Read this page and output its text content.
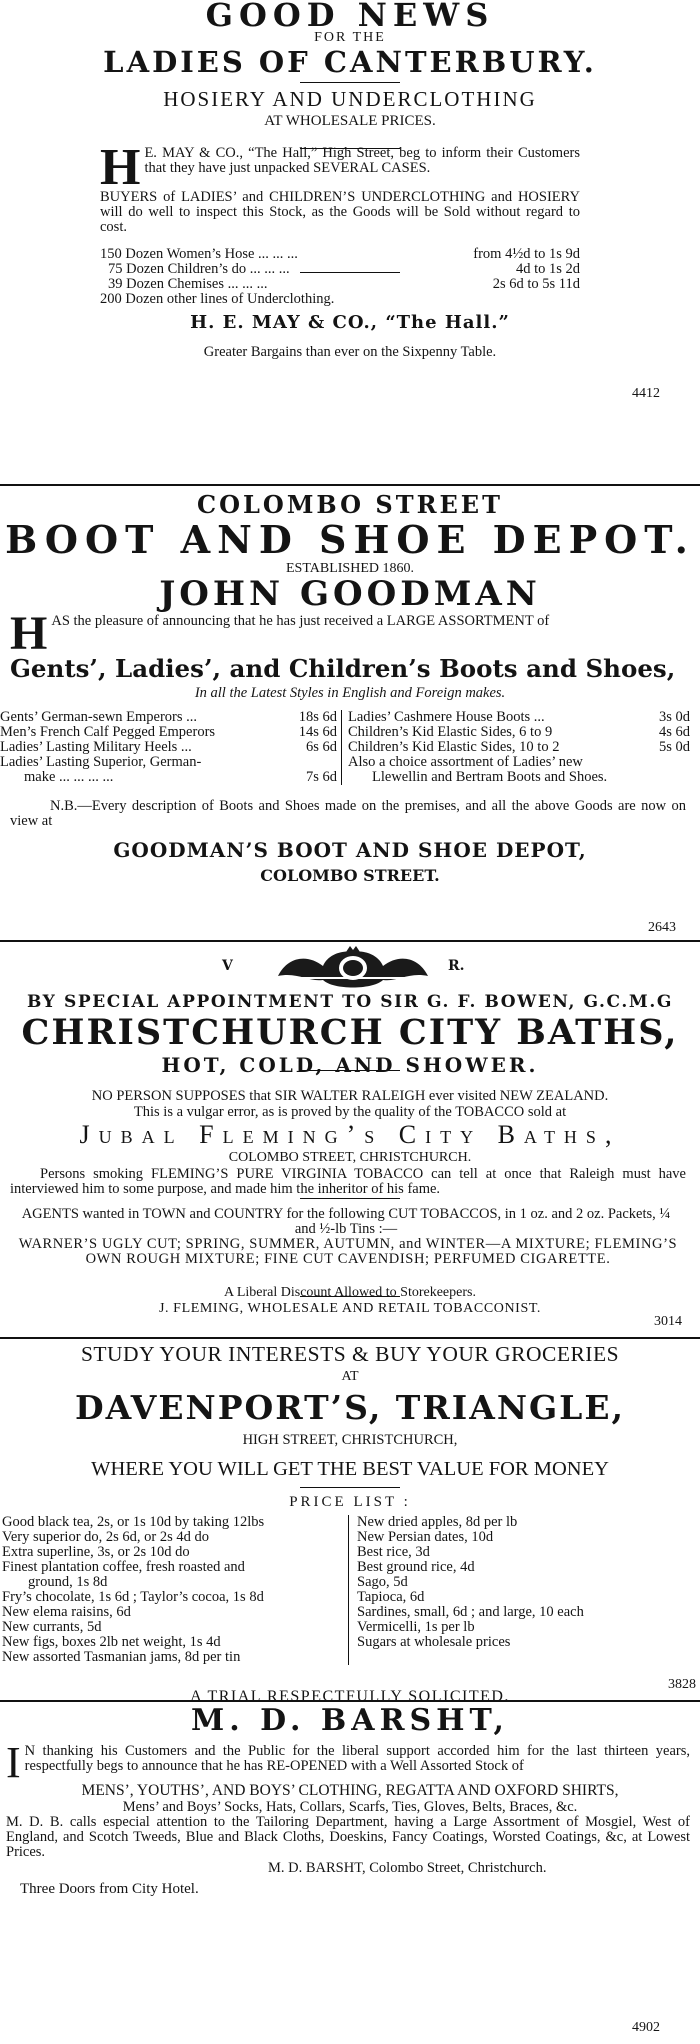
GOOD NEWS
FOR THE
LADIES OF CANTERBURY.
HOSIERY AND UNDERCLOTHING
AT WHOLESALE PRICES.
H E. MAY & CO., “The Hall,” High Street, beg to inform their Customers that they have just unpacked SEVERAL CASES.
BUYERS of LADIES’ and CHILDREN’S UNDERCLOTHING and HOSIERY will do well to inspect this Stock, as the Goods will be Sold without regard to cost.
150 Dozen Women’s Hose ... ... ...	from 4½d to 1s 9d
75 Dozen Children’s do ... ... ...	4d to 1s 2d
39 Dozen Chemises ... ... ...	2s 6d to 5s 11d
200 Dozen other lines of Underclothing.
H. E. MAY & CO., “The Hall.”
Greater Bargains than ever on the Sixpenny Table.
4412
COLOMBO STREET
BOOT AND SHOE DEPOT.
ESTABLISHED 1860.
JOHN GOODMAN
H AS the pleasure of announcing that he has just received a LARGE ASSORTMENT of
Gents’, Ladies’, and Children’s Boots and Shoes,
In all the Latest Styles in English and Foreign makes.
Gents’ German-sewn Emperors ...	18s 6d
Men’s French Calf Pegged Emperors	14s 6d
Ladies’ Lasting Military Heels ...	6s 6d
Ladies’ Lasting Superior, German-
make ... ... ... ...	7s 6d
Ladies’ Cashmere House Boots ...	3s 0d
Children’s Kid Elastic Sides, 6 to 9	4s 6d
Children’s Kid Elastic Sides, 10 to 2	5s 0d
Also a choice assortment of Ladies’ new
Llewellin and Bertram Boots and Shoes.
N.B.—Every description of Boots and Shoes made on the premises, and all the above Goods are now on view at
GOODMAN’S BOOT AND SHOE DEPOT,
COLOMBO STREET.
2643
V	R.
BY SPECIAL APPOINTMENT TO SIR G. F. BOWEN, G.C.M.G
CHRISTCHURCH CITY BATHS,
HOT, COLD, AND SHOWER.
NO PERSON SUPPOSES that SIR WALTER RALEIGH ever visited NEW ZEALAND.
This is a vulgar error, as is proved by the quality of the TOBACCO sold at
Jubal Fleming’s City Baths,
COLOMBO STREET, CHRISTCHURCH.
Persons smoking FLEMING’S PURE VIRGINIA TOBACCO can tell at once that Raleigh must have interviewed him to some purpose, and made him the inheritor of his fame.
AGENTS wanted in TOWN and COUNTRY for the following CUT TOBACCOS, in 1 oz. and 2 oz. Packets, ¼ and ½-lb Tins :—
WARNER’S UGLY CUT; SPRING, SUMMER, AUTUMN, and WINTER—A MIXTURE; FLEMING’S OWN ROUGH MIXTURE; FINE CUT CAVENDISH; PERFUMED CIGARETTE.
A Liberal Discount Allowed to Storekeepers.
J. FLEMING, WHOLESALE AND RETAIL TOBACCONIST.
3014
STUDY YOUR INTERESTS & BUY YOUR GROCERIES
AT
DAVENPORT’S, TRIANGLE,
HIGH STREET, CHRISTCHURCH,
WHERE YOU WILL GET THE BEST VALUE FOR MONEY
PRICE LIST :
Good black tea, 2s, or 1s 10d by taking 12lbs
Very superior do, 2s 6d, or 2s 4d do
Extra superline, 3s, or 2s 10d do
Finest plantation coffee, fresh roasted and
ground, 1s 8d
Fry’s chocolate, 1s 6d ; Taylor’s cocoa, 1s 8d
New elema raisins, 6d
New currants, 5d
New figs, boxes 2lb net weight, 1s 4d
New assorted Tasmanian jams, 8d per tin
New dried apples, 8d per lb
New Persian dates, 10d
Best rice, 3d
Best ground rice, 4d
Sago, 5d
Tapioca, 6d
Sardines, small, 6d ; and large, 10 each
Vermicelli, 1s per lb
Sugars at wholesale prices
A TRIAL RESPECTFULLY SOLICITED.
3828
M. D. BARSHT,
I N thanking his Customers and the Public for the liberal support accorded him for the last thirteen years, respectfully begs to announce that he has RE-OPENED with a Well Assorted Stock of
MENS’, YOUTHS’, AND BOYS’ CLOTHING, REGATTA AND OXFORD SHIRTS,
Mens’ and Boys’ Socks, Hats, Collars, Scarfs, Ties, Gloves, Belts, Braces, &c.
M. D. B. calls especial attention to the Tailoring Department, having a Large Assortment of Mosgiel, West of England, and Scotch Tweeds, Blue and Black Cloths, Doeskins, Fancy Coatings, Worsted Coatings, &c, at Lowest Prices.
M. D. BARSHT, Colombo Street, Christchurch.
Three Doors from City Hotel.
4902
